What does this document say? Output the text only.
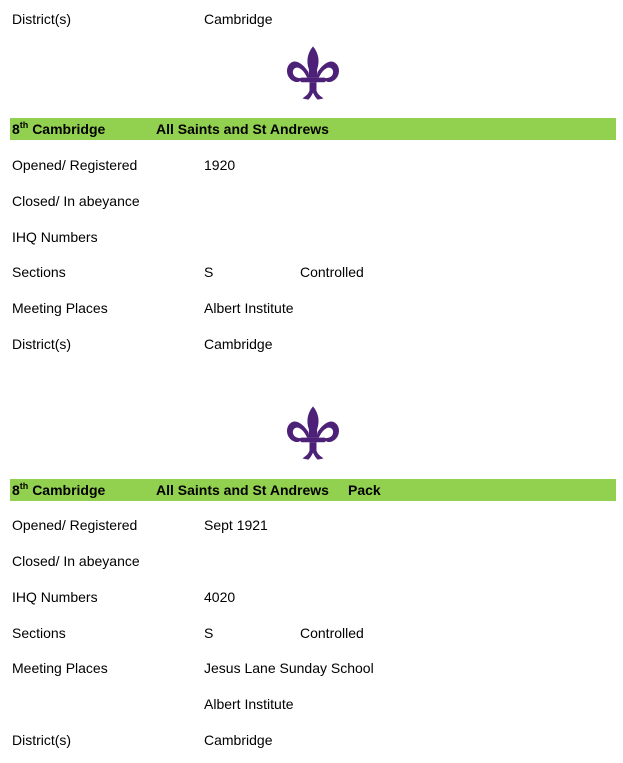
District(s)	Cambridge
8th Cambridge	All Saints and St Andrews
Opened/ Registered	1920
Closed/ In abeyance
IHQ Numbers
Sections	S	Controlled
Meeting Places	Albert Institute
District(s)	Cambridge
8th Cambridge	All Saints and St Andrews Pack
Opened/ Registered	Sept 1921
Closed/ In abeyance
IHQ Numbers	4020
Sections	S	Controlled
Meeting Places	Jesus Lane Sunday School
Albert Institute
District(s)	Cambridge
